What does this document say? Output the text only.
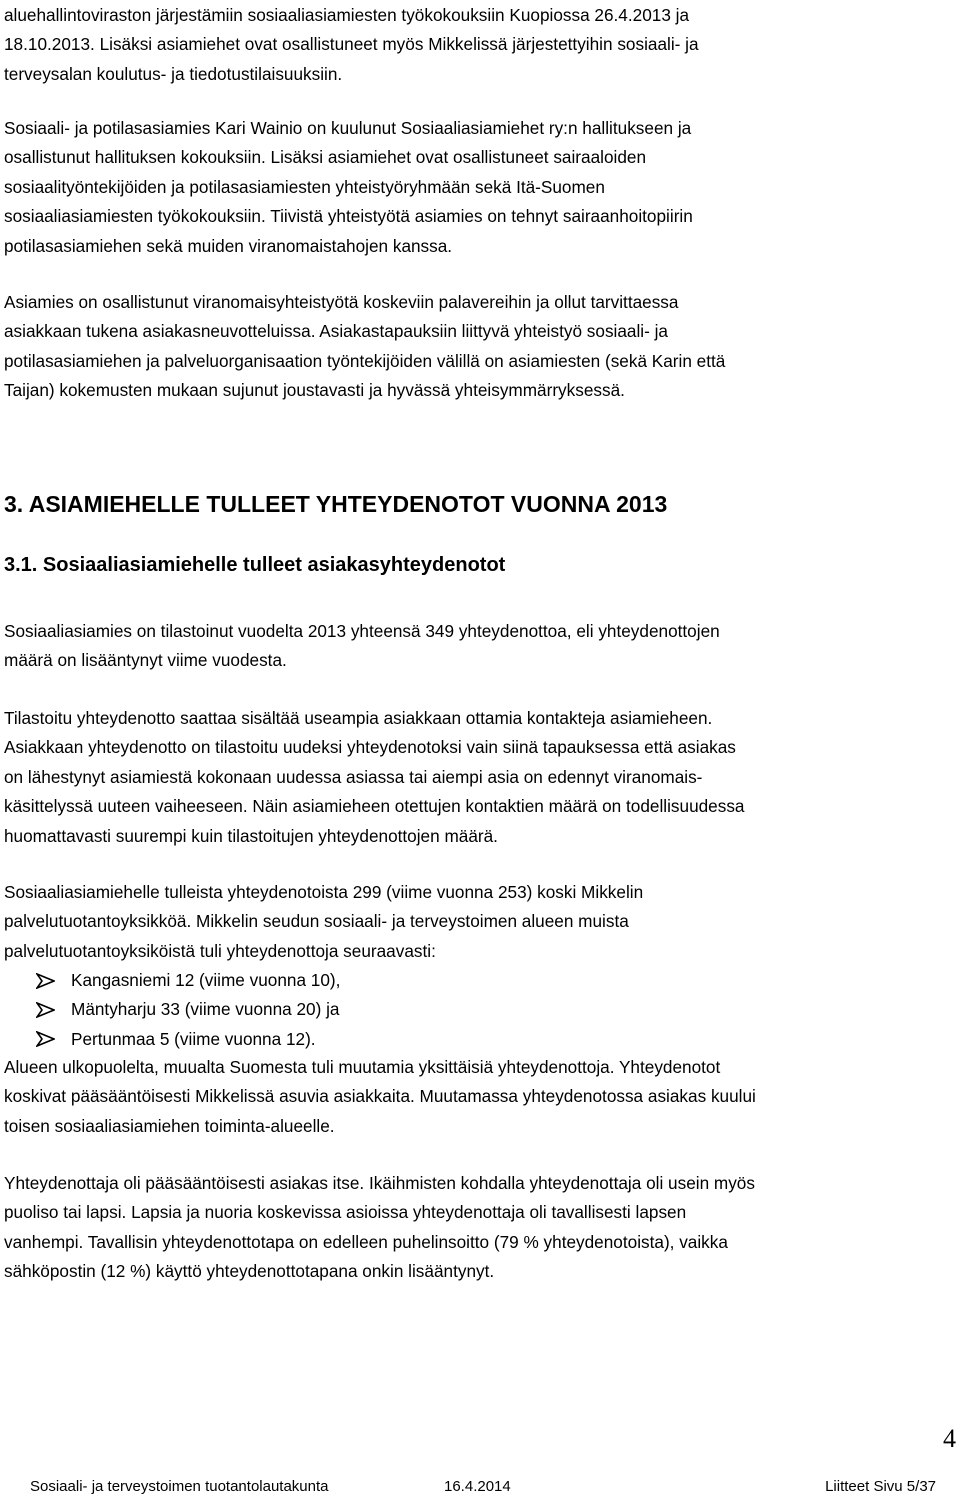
aluehallintoviraston järjestämiin sosiaaliasiamiesten työkokouksiin Kuopiossa 26.4.2013 ja
18.10.2013. Lisäksi asiamiehet ovat osallistuneet myös Mikkelissä järjestettyihin sosiaali- ja
terveysalan koulutus- ja tiedotustilaisuuksiin.
Sosiaali- ja potilasasiamies Kari Wainio on kuulunut Sosiaaliasiamiehet ry:n hallitukseen ja
osallistunut hallituksen kokouksiin. Lisäksi asiamiehet ovat osallistuneet sairaaloiden
sosiaalityöntekijöiden ja potilasasiamiesten yhteistyöryhmään sekä Itä-Suomen
sosiaaliasiamiesten työkokouksiin. Tiivistä yhteistyötä asiamies on tehnyt sairaanhoitopiirin
potilasasiamiehen sekä muiden viranomaistahojen kanssa.
Asiamies on osallistunut viranomaisyhteistyötä koskeviin palavereihin ja ollut tarvittaessa
asiakkaan tukena asiakasneuvotteluissa. Asiakastapauksiin liittyvä yhteistyö sosiaali- ja
potilasasiamiehen ja palveluorganisaation työntekijöiden välillä on asiamiesten (sekä Karin että
Taijan) kokemusten mukaan sujunut joustavasti ja hyvässä yhteisymmärryksessä.
3. ASIAMIEHELLE TULLEET YHTEYDENOTOT VUONNA 2013
3.1. Sosiaaliasiamiehelle tulleet asiakasyhteydenotot
Sosiaaliasiamies on tilastoinut vuodelta 2013 yhteensä 349 yhteydenottoa, eli yhteydenottojen
määrä on lisääntynyt viime vuodesta.
Tilastoitu yhteydenotto saattaa sisältää useampia asiakkaan ottamia kontakteja asiamieheen.
Asiakkaan yhteydenotto on tilastoitu uudeksi yhteydenotoksi vain siinä tapauksessa että asiakas
on lähestynyt asiamiestä kokonaan uudessa asiassa tai aiempi asia on edennyt viranomais-
käsittelyssä uuteen vaiheeseen. Näin asiamieheen otettujen kontaktien määrä on todellisuudessa
huomattavasti suurempi kuin tilastoitujen yhteydenottojen määrä.
Sosiaaliasiamiehelle tulleista yhteydenotoista 299 (viime vuonna 253) koski Mikkelin
palvelutuotantoyksikköä. Mikkelin seudun sosiaali- ja terveystoimen alueen muista
palvelutuotantoyksiköistä tuli yhteydenottoja seuraavasti:
Kangasniemi 12 (viime vuonna 10),
Mäntyharju 33 (viime vuonna 20) ja
Pertunmaa 5 (viime vuonna 12).
Alueen ulkopuolelta, muualta Suomesta tuli muutamia yksittäisiä yhteydenottoja. Yhteydenotot
koskivat pääsääntöisesti Mikkelissä asuvia asiakkaita. Muutamassa yhteydenotossa asiakas kuului
toisen sosiaaliasiamiehen toiminta-alueelle.
Yhteydenottaja oli pääsääntöisesti asiakas itse. Ikäihmisten kohdalla yhteydenottaja oli usein myös
puoliso tai lapsi. Lapsia ja nuoria koskevissa asioissa yhteydenottaja oli tavallisesti lapsen
vanhempi. Tavallisin yhteydenottotapa on edelleen puhelinsoitto (79 % yhteydenotoista), vaikka
sähköpostin (12 %) käyttö yhteydenottotapana onkin lisääntynyt.
4
Sosiaali- ja terveystoimen tuotantolautakunta	16.4.2014	Liitteet Sivu 5/37
